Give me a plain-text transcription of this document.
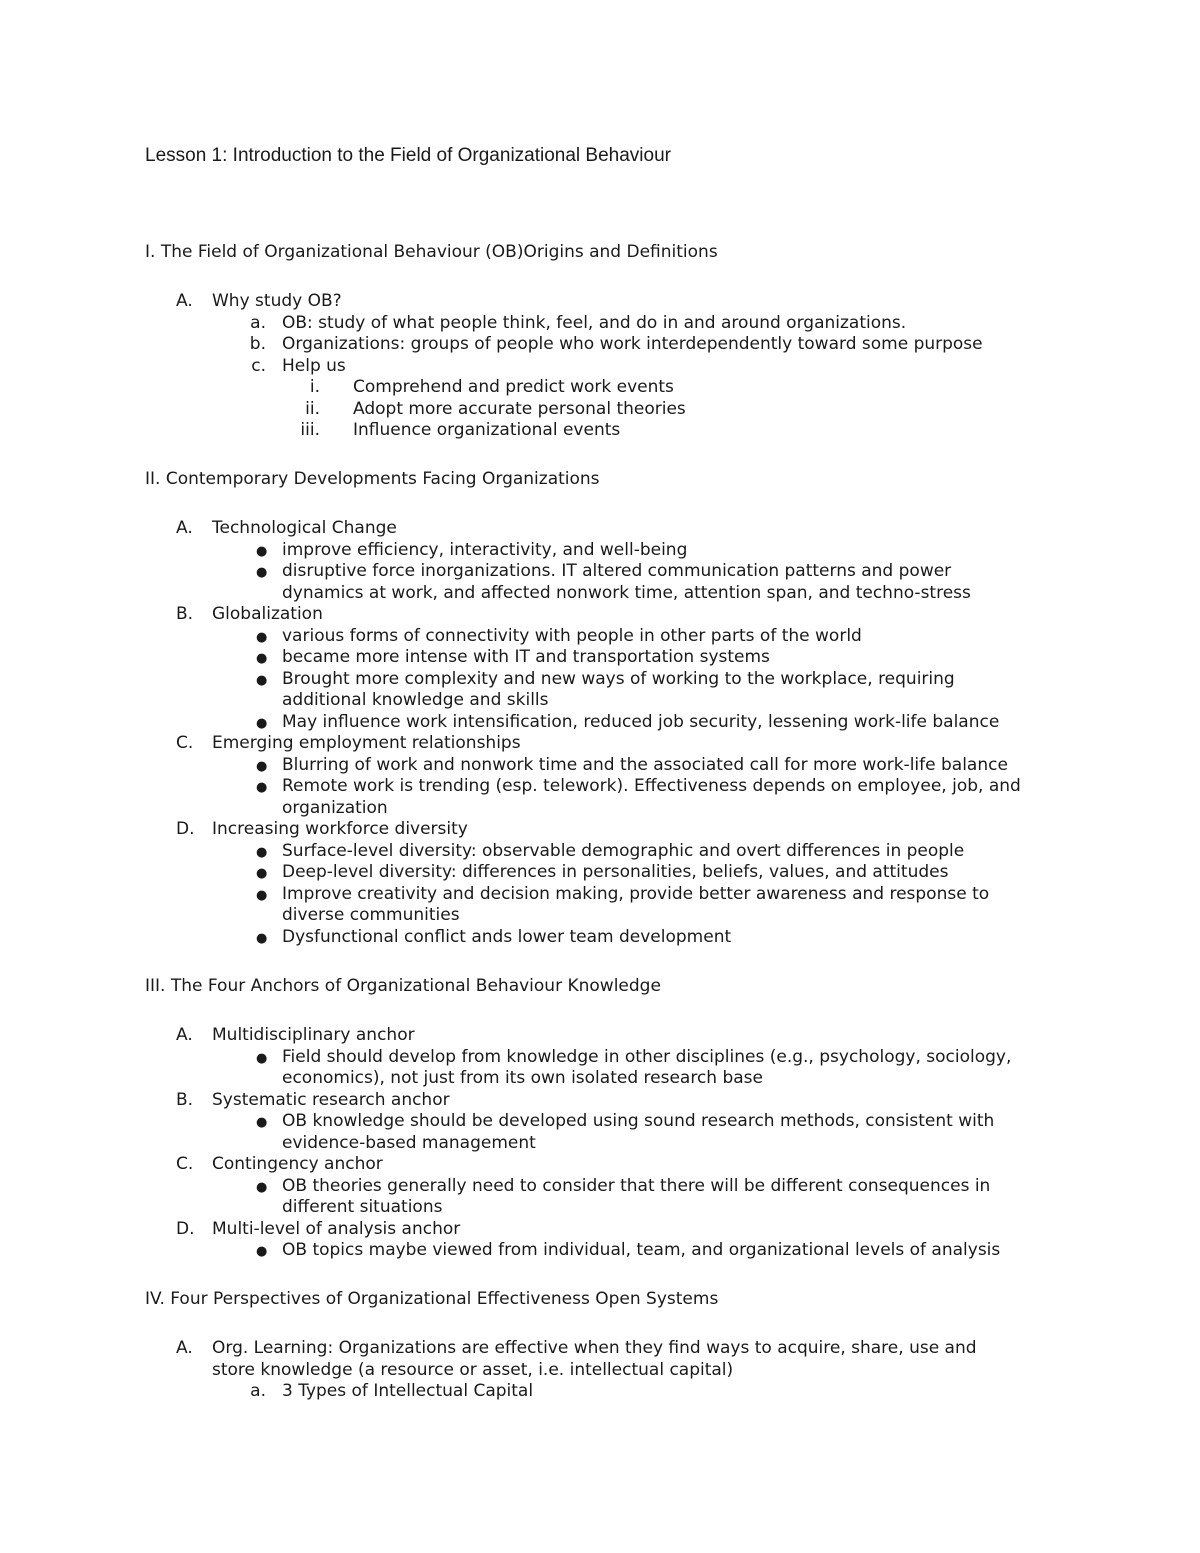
Lesson 1: Introduction to the Field of Organizational Behaviour
I. The Field of Organizational Behaviour (OB)Origins and Definitions
A.	Why study OB?
a. OB: study of what people think, feel, and do in and around organizations.
b. Organizations: groups of people who work interdependently toward some purpose
c. Help us
i. Comprehend and predict work events
ii. Adopt more accurate personal theories
iii. Influence organizational events
II. Contemporary Developments Facing Organizations
A.	Technological Change
● improve efficiency, interactivity, and well-being
● disruptive force inorganizations. IT altered communication patterns and power
dynamics at work, and affected nonwork time, attention span, and techno-stress
B.	Globalization
● various forms of connectivity with people in other parts of the world
● became more intense with IT and transportation systems
● Brought more complexity and new ways of working to the workplace, requiring
additional knowledge and skills
● May influence work intensification, reduced job security, lessening work-life balance
C.	Emerging employment relationships
● Blurring of work and nonwork time and the associated call for more work-life balance
● Remote work is trending (esp. telework). Effectiveness depends on employee, job, and
organization
D.	Increasing workforce diversity
● Surface-level diversity: observable demographic and overt differences in people
● Deep-level diversity: differences in personalities, beliefs, values, and attitudes
● Improve creativity and decision making, provide better awareness and response to
diverse communities
● Dysfunctional conflict ands lower team development
III. The Four Anchors of Organizational Behaviour Knowledge
A.	Multidisciplinary anchor
● Field should develop from knowledge in other disciplines (e.g., psychology, sociology,
economics), not just from its own isolated research base
B.	Systematic research anchor
● OB knowledge should be developed using sound research methods, consistent with
evidence-based management
C.	Contingency anchor
● OB theories generally need to consider that there will be different consequences in
different situations
D.	Multi-level of analysis anchor
● OB topics maybe viewed from individual, team, and organizational levels of analysis
IV. Four Perspectives of Organizational Effectiveness Open Systems
A.	Org. Learning: Organizations are effective when they find ways to acquire, share, use and
store knowledge (a resource or asset, i.e. intellectual capital)
a. 3 Types of Intellectual Capital
